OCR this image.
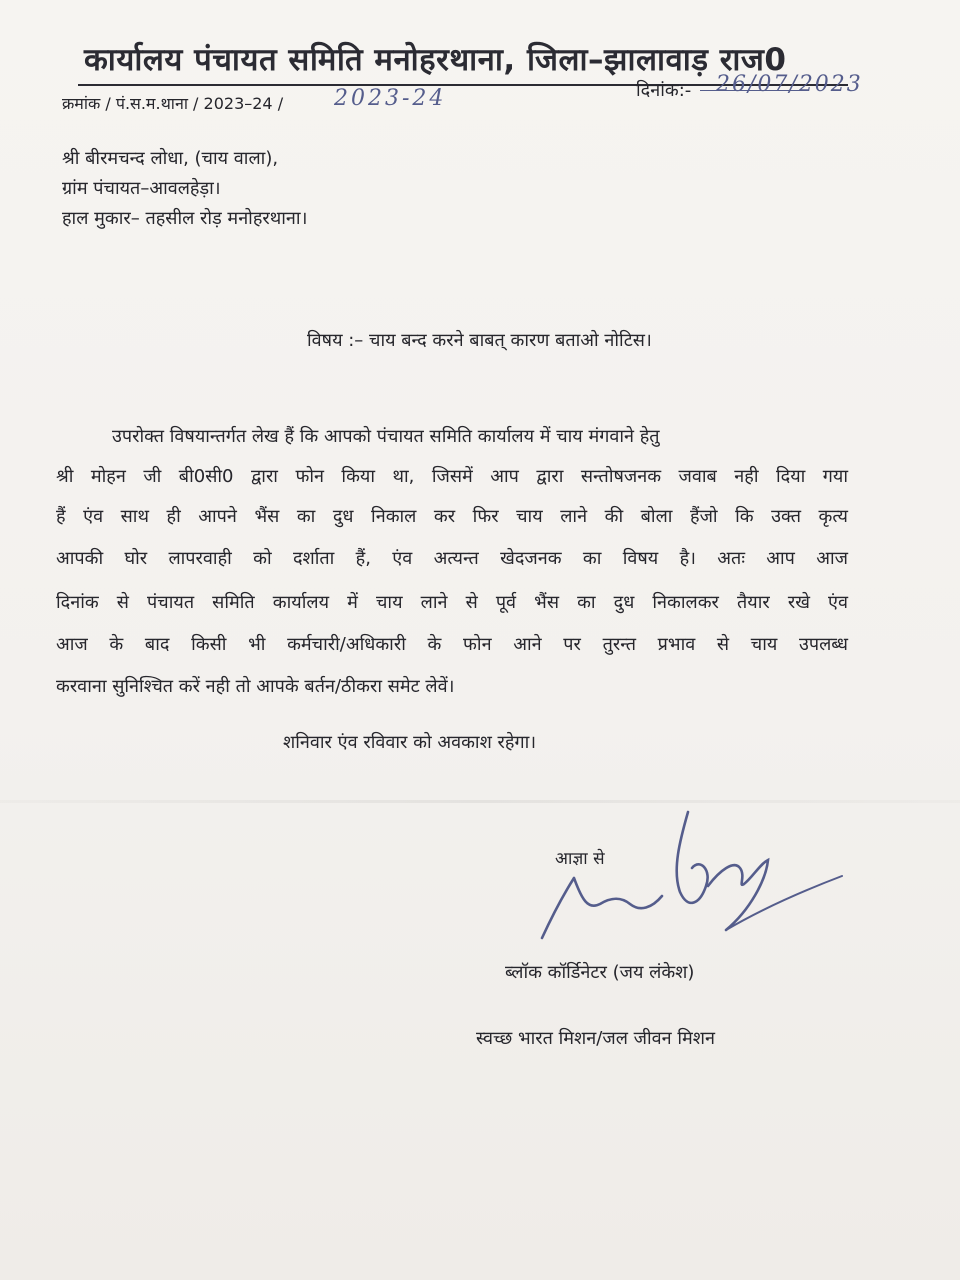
कार्यालय पंचायत समिति मनोहरथाना, जिला–झालावाड़ राज0
क्रमांक / पं.स.म.थाना / 2023–24 / 2023-24	दिनांक:- 26/07/2023
श्री बीरमचन्द लोधा, (चाय वाला),
ग्रांम पंचायत–आवलहेड़ा।
हाल मुकार– तहसील रोड़ मनोहरथाना।
विषय :– चाय बन्द करने बाबत् कारण बताओ नोटिस।
उपरोक्त विषयान्तर्गत लेख हैं कि आपको पंचायत समिति कार्यालय में चाय मंगवाने हेतु
श्री मोहन जी बी0सी0 द्वारा फोन किया था, जिसमें आप द्वारा सन्तोषजनक जवाब नही दिया गया
हैं एंव साथ ही आपने भैंस का दुध निकाल कर फिर चाय लाने की बोला हैंजो कि उक्त कृत्य
आपकी घोर लापरवाही को दर्शाता हैं, एंव अत्यन्त खेदजनक का विषय है। अतः आप आज
दिनांक से पंचायत समिति कार्यालय में चाय लाने से पूर्व भैंस का दुध निकालकर तैयार रखे एंव
आज के बाद किसी भी कर्मचारी/अधिकारी के फोन आने पर तुरन्त प्रभाव से चाय उपलब्ध
करवाना सुनिश्चित करें नही तो आपके बर्तन/ठीकरा समेट लेवें।
शनिवार एंव रविवार को अवकाश रहेगा।
आज्ञा से
ब्लॉक कॉर्डिनेटर (जय लंकेश)
स्वच्छ भारत मिशन/जल जीवन मिशन
